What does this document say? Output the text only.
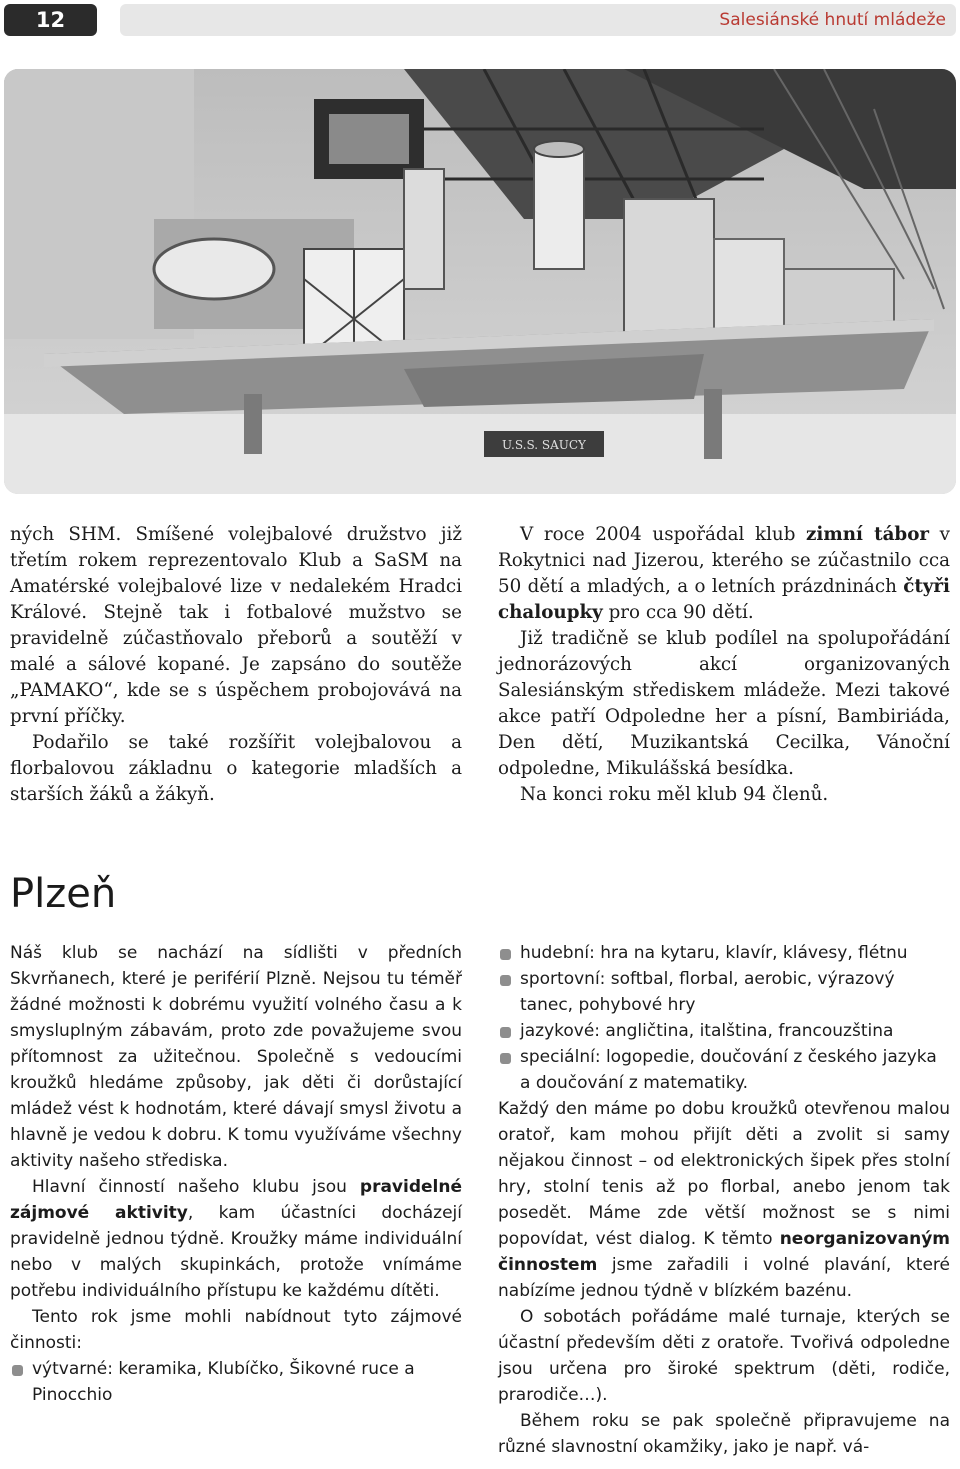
12	Salesiánské hnutí mládeže
U.S.S. SAUCY

ných SHM. Smíšené volejbalové družstvo již třetím rokem reprezentovalo Klub a SaSM na Amatérské volejbalové lize v nedalekém Hradci Králové. Stejně tak i fotbalové mužstvo se pravidelně zúčastňovalo přeborů a soutěží v malé a sálové kopané. Je zapsáno do soutěže „PAMAKO“, kde se s úspěchem probojovává na první příčky.

Podařilo se také rozšířit volejbalovou a florbalovou základnu o kategorie mladších a starších žáků a žákyň.

V roce 2004 uspořádal klub zimní tábor v Rokytnici nad Jizerou, kterého se zúčastnilo cca 50 dětí a mladých, a o letních prázdninách čtyři chaloupky pro cca 90 dětí.

Již tradičně se klub podílel na spolupořádání jednorázových akcí organizovaných Salesiánským střediskem mládeže. Mezi takové akce patří Odpoledne her a písní, Bambiriáda, Den dětí, Muzikantská Cecilka, Vánoční odpoledne, Mikulášská besídka.

Na konci roku měl klub 94 členů.

Plzeň

Náš klub se nachází na sídlišti v předních Skvrňanech, které je periférií Plzně. Nejsou tu téměř žádné možnosti k dobrému využití volného času a k smysluplným zábavám, proto zde považujeme svou přítomnost za užitečnou. Společně s vedoucími kroužků hledáme způsoby, jak děti či dorůstající mládež vést k hodnotám, které dávají smysl životu a hlavně je vedou k dobru. K tomu využíváme všechny aktivity našeho střediska.

Hlavní činností našeho klubu jsou pravidelné zájmové aktivity, kam účastníci docházejí pravidelně jednou týdně. Kroužky máme individuální nebo v malých skupinkách, protože vnímáme potřebu individuálního přístupu ke každému dítěti.

Tento rok jsme mohli nabídnout tyto zájmové činnosti:

výtvarné: keramika, Klubíčko, Šikovné ruce a Pinocchio
hudební: hra na kytaru, klavír, klávesy, flétnu
sportovní: softbal, florbal, aerobic, výrazový tanec, pohybové hry
jazykové: angličtina, italština, francouzština
speciální: logopedie, doučování z českého jazyka a doučování z matematiky.

Každý den máme po dobu kroužků otevřenou malou oratoř, kam mohou přijít děti a zvolit si samy nějakou činnost – od elektronických šipek přes stolní hry, stolní tenis až po florbal, anebo jenom tak posedět. Máme zde větší možnost se s nimi popovídat, vést dialog. K těmto neorganizovaným činnostem jsme zařadili i volné plavání, které nabízíme jednou týdně v blízkém bazénu.

O sobotách pořádáme malé turnaje, kterých se účastní především děti z oratoře. Tvořivá odpoledne jsou určena pro široké spektrum (děti, rodiče, prarodiče…).

Během roku se pak společně připravujeme na různé slavnostní okamžiky, jako je např. vá-
